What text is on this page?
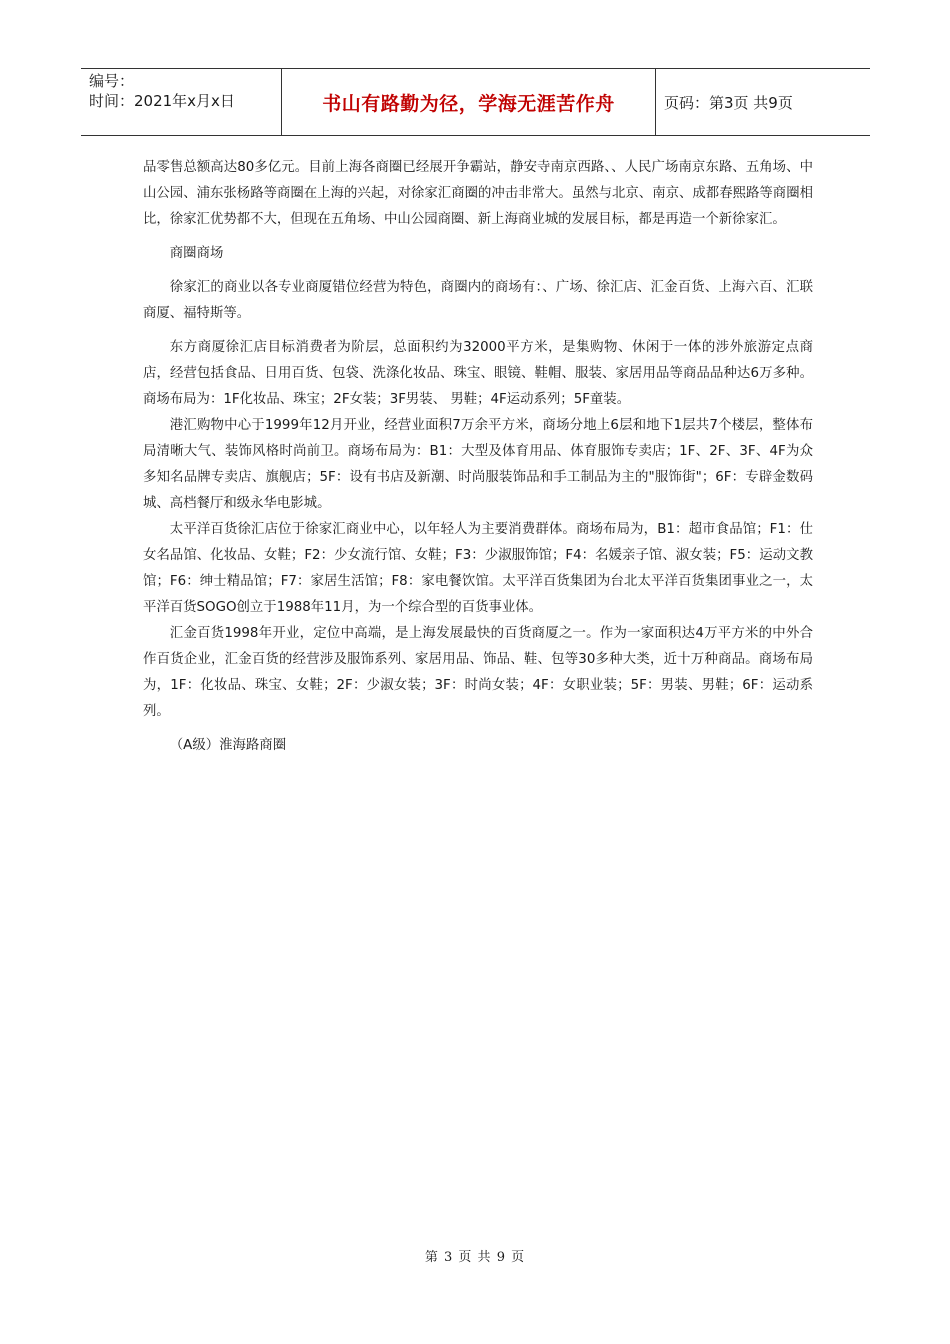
编号：
时间：2021年x月x日	书山有路勤为径，学海无涯苦作舟	页码：第3页 共9页

品零售总额高达80多亿元。目前上海各商圈已经展开争霸站，静安寺南京西路、、人民广场南京东路、五角场、中山公园、浦东张杨路等商圈在上海的兴起，对徐家汇商圈的冲击非常大。虽然与北京、南京、成都春熙路等商圈相比，徐家汇优势都不大，但现在五角场、中山公园商圈、新上海商业城的发展目标，都是再造一个新徐家汇。

商圈商场

徐家汇的商业以各专业商厦错位经营为特色，商圈内的商场有：、广场、徐汇店、汇金百货、上海六百、汇联商厦、福特斯等。

东方商厦徐汇店目标消费者为阶层，总面积约为32000平方米，是集购物、休闲于一体的涉外旅游定点商店，经营包括食品、日用百货、包袋、洗涤化妆品、珠宝、眼镜、鞋帽、服装、家居用品等商品品种达6万多种。商场布局为：1F化妆品、珠宝；2F女装；3F男装、 男鞋；4F运动系列；5F童装。

港汇购物中心于1999年12月开业，经营业面积7万余平方米，商场分地上6层和地下1层共7个楼层，整体布局清晰大气、装饰风格时尚前卫。商场布局为：B1：大型及体育用品、体育服饰专卖店；1F、2F、3F、4F为众多知名品牌专卖店、旗舰店；5F：设有书店及新潮、时尚服装饰品和手工制品为主的"服饰街"；6F：专辟金数码城、高档餐厅和级永华电影城。

太平洋百货徐汇店位于徐家汇商业中心，以年轻人为主要消费群体。商场布局为，B1：超市食品馆；F1：仕女名品馆、化妆品、女鞋；F2：少女流行馆、女鞋；F3：少淑服饰馆；F4：名媛亲子馆、淑女装；F5：运动文教馆；F6：绅士精品馆；F7：家居生活馆；F8：家电餐饮馆。太平洋百货集团为台北太平洋百货集团事业之一，太平洋百货SOGO创立于1988年11月，为一个综合型的百货事业体。

汇金百货1998年开业，定位中高端，是上海发展最快的百货商厦之一。作为一家面积达4万平方米的中外合作百货企业，汇金百货的经营涉及服饰系列、家居用品、饰品、鞋、包等30多种大类，近十万种商品。商场布局为，1F：化妆品、珠宝、女鞋；2F：少淑女装；3F：时尚女装；4F：女职业装；5F：男装、男鞋；6F：运动系列。

（A级）淮海路商圈

第 3 页 共 9 页
